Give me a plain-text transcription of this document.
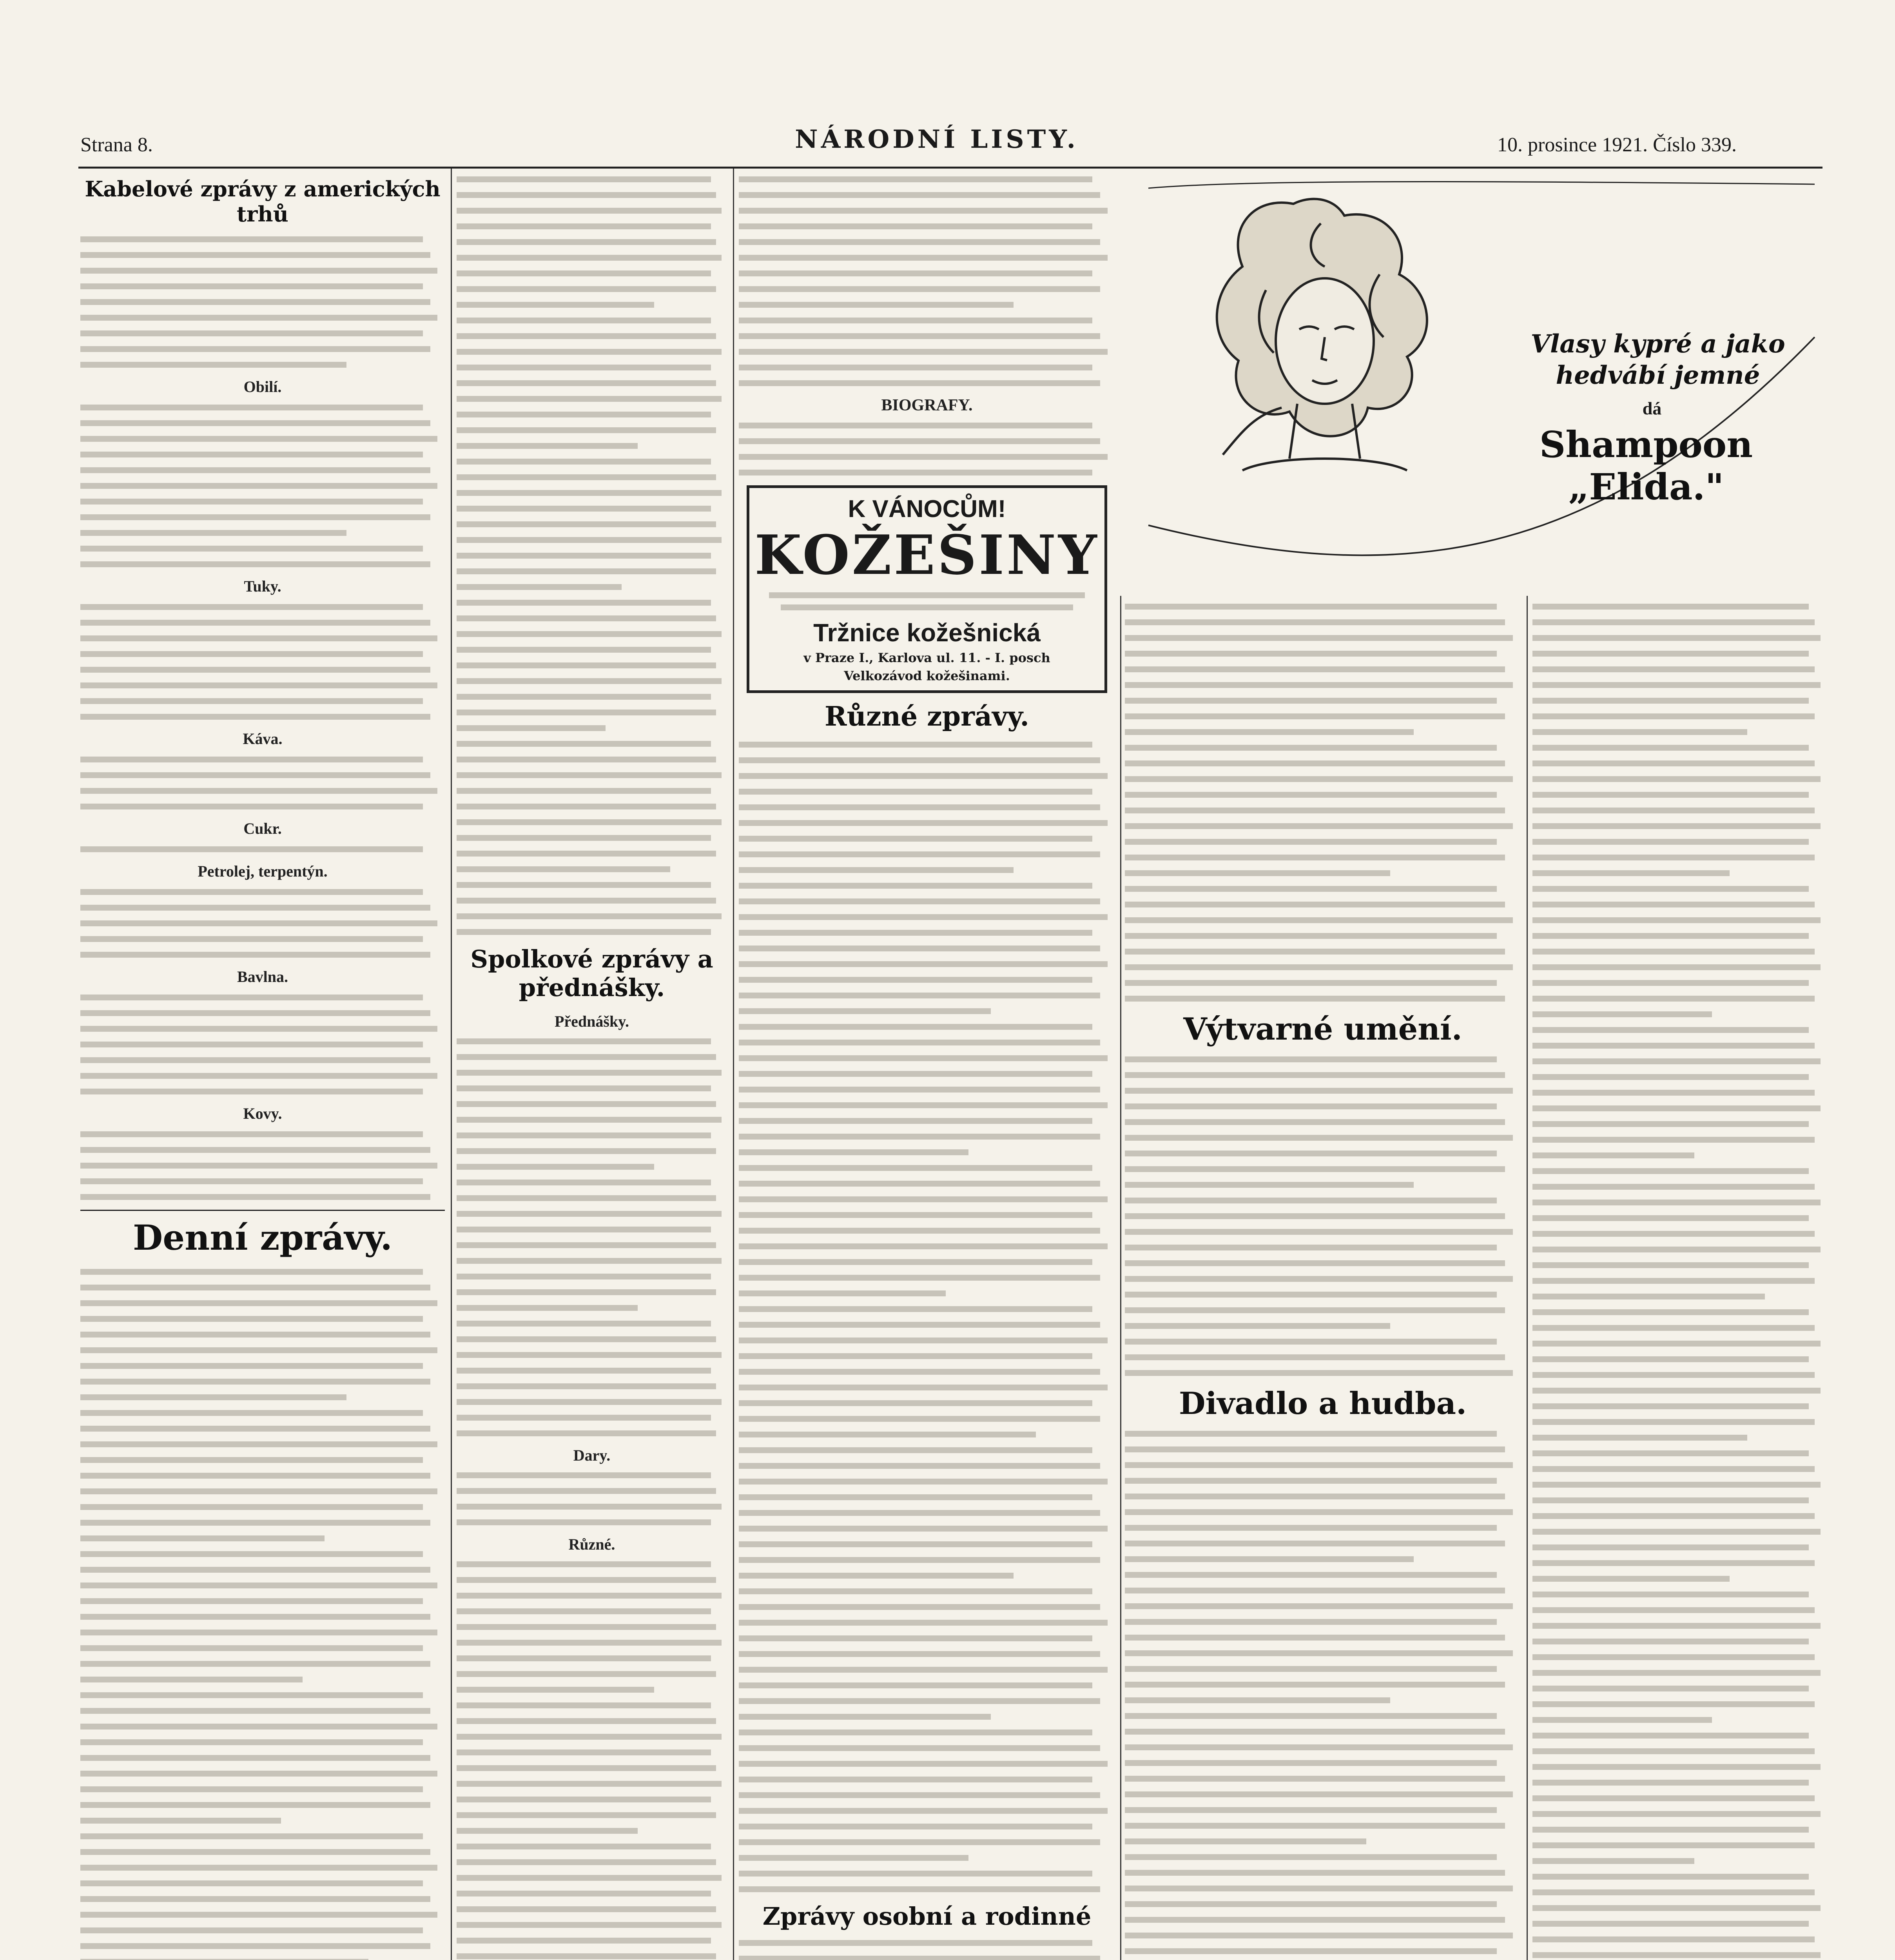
Strana 8.	NÁRODNÍ LISTY.	10. prosince 1921. Číslo 339.
Kabelové zprávy z amerických trhů
Obilí.
Tuky.
Káva.
Cukr.
Petrolej, terpentýn.
Bavlna.
Kovy.
Denní zprávy.
Spolkové zprávy a přednášky.
Přednášky.
Dary.
Různé.
BIOGRAFY.
K VÁNOCŮM!
KOŽEŠINY
Tržnice kožešnická
v Praze I., Karlova ul. 11. - I. posch
Velkozávod kožešinami.
Různé zprávy.
Zprávy osobní a rodinné
Vlasy kypré a jako
hedvábí jemné
dá
Shampoon „Elida."
Výtvarné umění.
Divadlo a hudba.
